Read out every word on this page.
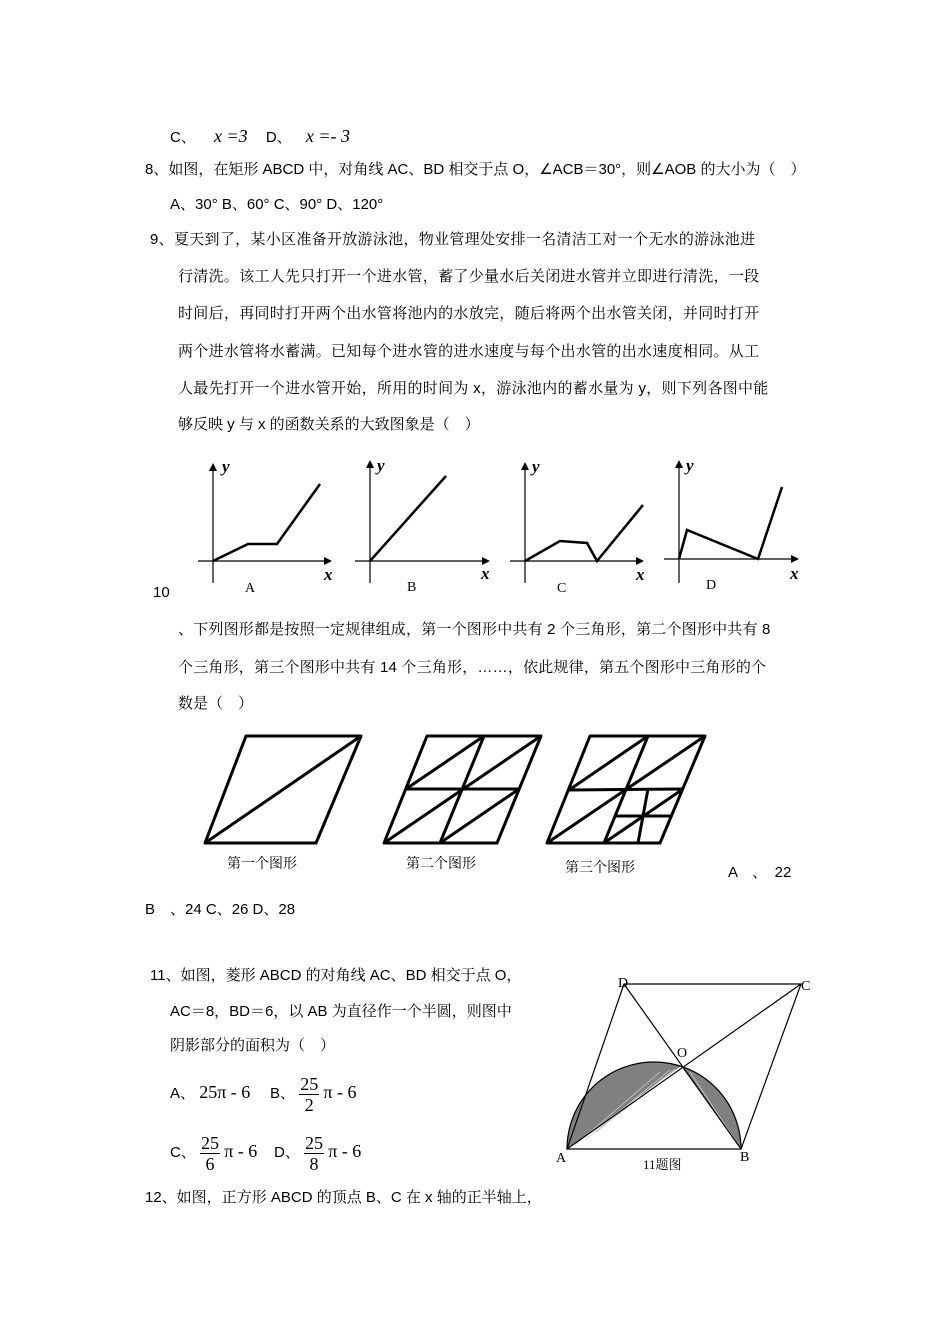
C、 x =3 D、 x =- 3
8、如图，在矩形 ABCD 中，对角线 AC、BD 相交于点 O，∠ACB＝30°，则∠AOB 的大小为（　）
A、30° B、60° C、90° D、120°
9、夏天到了，某小区准备开放游泳池，物业管理处安排一名清洁工对一个无水的游泳池进
行清洗。该工人先只打开一个进水管，蓄了少量水后关闭进水管并立即进行清洗，一段
时间后，再同时打开两个出水管将池内的水放完，随后将两个出水管关闭，并同时打开
两个进水管将水蓄满。已知每个进水管的进水速度与每个出水管的出水速度相同。从工
人最先打开一个进水管开始，所用的时间为 x，游泳池内的蓄水量为 y，则下列各图中能
够反映 y 与 x 的函数关系的大致图象是（　）
y
x
A
y
x
B
y
x
C
y
x
D
10
、下列图形都是按照一定规律组成，第一个图形中共有 2 个三角形，第二个图形中共有 8
个三角形，第三个图形中共有 14 个三角形，……，依此规律，第五个图形中三角形的个
数是（　）
第一个图形	第二个图形	第三个图形	A　、　22
B　、24 C、26 D、28
11、如图，菱形 ABCD 的对角线 AC、BD 相交于点 O，
AC＝8，BD＝6，以 AB 为直径作一个半圆，则图中
阴影部分的面积为（　）
A、 25π - 6 B、 $\frac{25}{2}$ π - 6
C、 $\frac{25}{6}$ π - 6 D、 $\frac{25}{8}$ π - 6
D	C
O
A	B
11题图
12、如图，正方形 ABCD 的顶点 B、C 在 x 轴的正半轴上，
